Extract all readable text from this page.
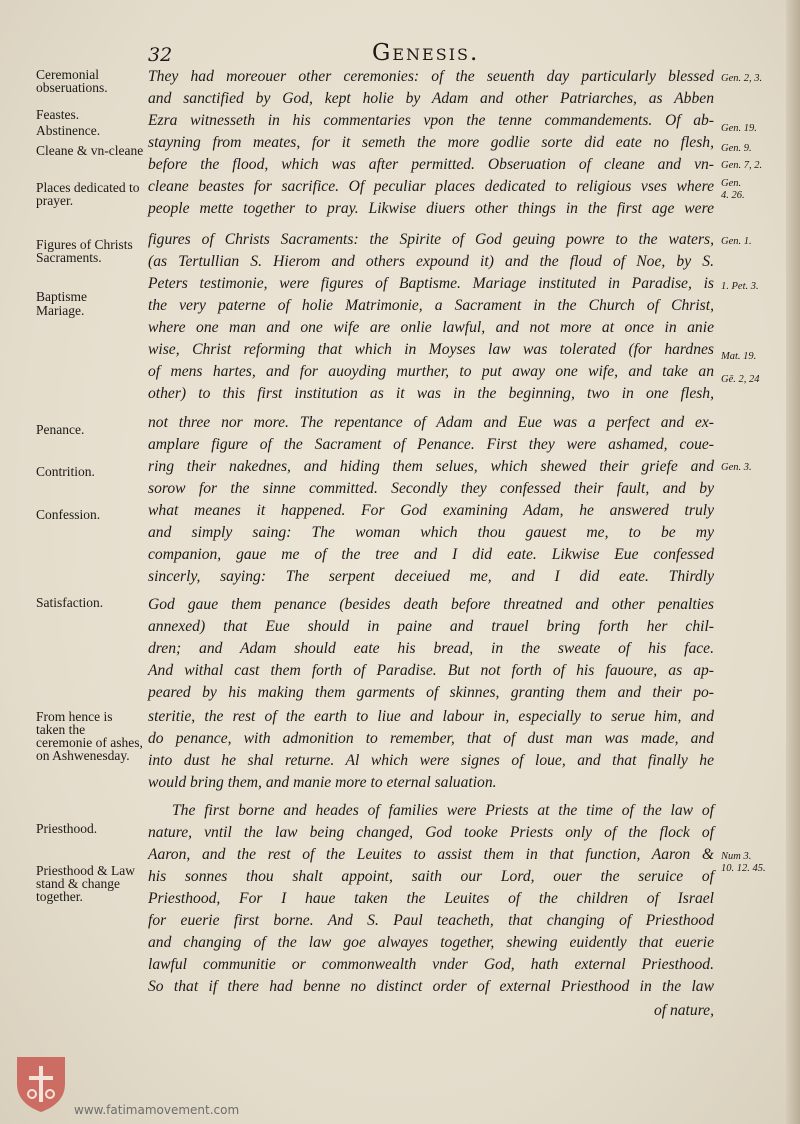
32	Genesis.
Ceremonial obseruations.
Feastes.
Abstinence.
Cleane & vn-cleane
Places dedicated to prayer.
Figures of Christs Sacraments.
Baptisme
Mariage.
Penance.
Contrition.
Confession.
Satisfaction.
From hence is taken the ceremonie of ashes, on Ashwenesday.
Priesthood.
Priesthood & Law stand & change together.
Gen. 2, 3.
Gen. 19.
Gen. 9.
Gen. 7, 2.
Gen. 4. 26.
Gen. 1.
1. Pet. 3.
Mat. 19.
Gē. 2, 24
Gen. 3.
Num 3. 10. 12. 45.
They had moreouer other ceremonies: of the seuenth day particularly blessed
and sanctified by God, kept holie by Adam and other Patriarches, as Abben
Ezra witnesseth in his commentaries vpon the tenne commandements. Of ab-
stayning from meates, for it semeth the more godlie sorte did eate no flesh,
before the flood, which was after permitted. Obseruation of cleane and vn-
cleane beastes for sacrifice. Of peculiar places dedicated to religious vses where
people mette together to pray. Likwise diuers other things in the first age were
figures of Christs Sacraments: the Spirite of God geuing powre to the waters,
(as Tertullian S. Hierom and others expound it) and the floud of Noe, by S.
Peters testimonie, were figures of Baptisme. Mariage instituted in Paradise, is
the very paterne of holie Matrimonie, a Sacrament in the Church of Christ,
where one man and one wife are onlie lawful, and not more at once in anie
wise, Christ reforming that which in Moyses law was tolerated (for hardnes
of mens hartes, and for auoyding murther, to put away one wife, and take an
other) to this first institution as it was in the beginning, two in one flesh,
not three nor more. The repentance of Adam and Eue was a perfect and ex-
amplare figure of the Sacrament of Penance. First they were ashamed, coue-
ring their nakednes, and hiding them selues, which shewed their griefe and
sorow for the sinne committed. Secondly they confessed their fault, and by
what meanes it happened. For God examining Adam, he answered truly
and simply saing: The woman which thou gauest me, to be my
companion, gaue me of the tree and I did eate. Likwise Eue confessed
sincerly, saying: The serpent deceiued me, and I did eate. Thirdly
God gaue them penance (besides death before threatned and other penalties
annexed) that Eue should in paine and trauel bring forth her chil-
dren; and Adam should eate his bread, in the sweate of his face.
And withal cast them forth of Paradise. But not forth of his fauoure, as ap-
peared by his making them garments of skinnes, granting them and their po-
steritie, the rest of the earth to liue and labour in, especially to serue him, and
do penance, with admonition to remember, that of dust man was made, and
into dust he shal returne. Al which were signes of loue, and that finally he
would bring them, and manie more to eternal saluation.
The first borne and heades of families were Priests at the time of the law of
nature, vntil the law being changed, God tooke Priests only of the flock of
Aaron, and the rest of the Leuites to assist them in that function, Aaron &
his sonnes thou shalt appoint, saith our Lord, ouer the seruice of
Priesthood, For I haue taken the Leuites of the children of Israel
for euerie first borne. And S. Paul teacheth, that changing of Priesthood
and changing of the law goe alwayes together, shewing euidently that euerie
lawful communitie or commonwealth vnder God, hath external Priesthood.
So that if there had benne no distinct order of external Priesthood in the law
of nature,
www.fatimamovement.com
